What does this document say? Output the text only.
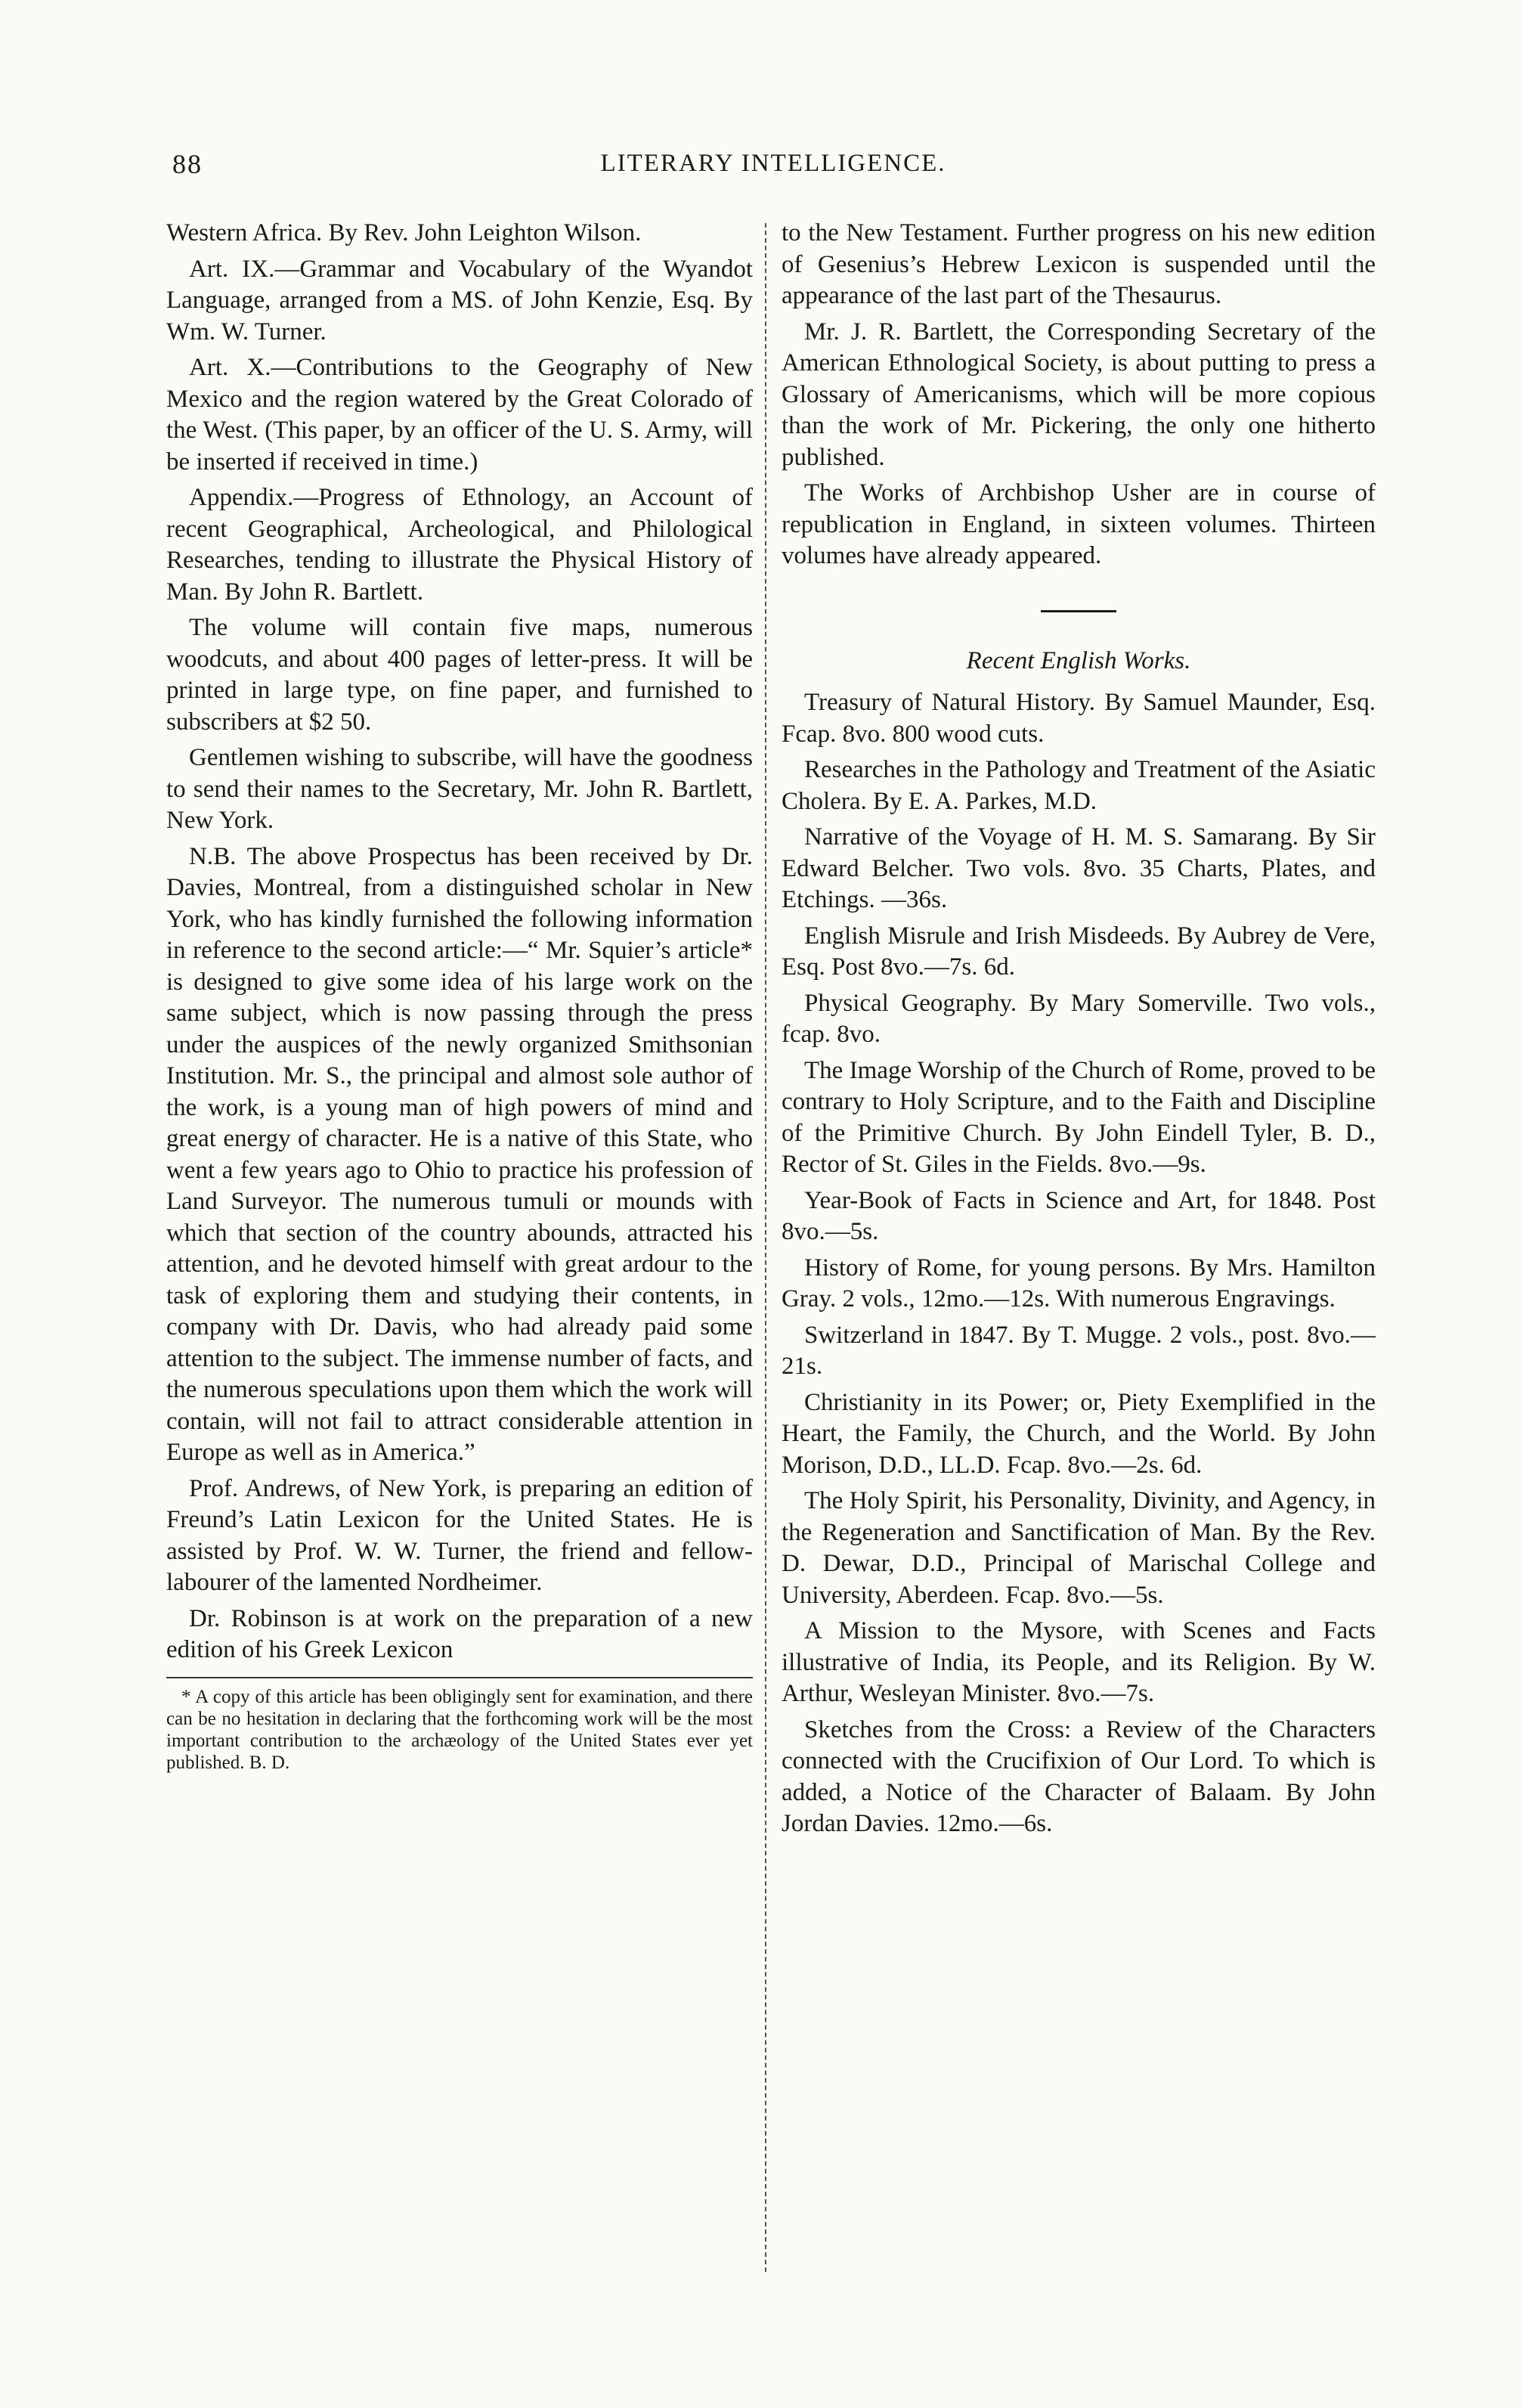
88	LITERARY INTELLIGENCE.

Western Africa. By Rev. John Leighton Wilson.

Art. IX.—Grammar and Vocabulary of the Wyandot Language, arranged from a MS. of John Kenzie, Esq. By Wm. W. Turner.

Art. X.—Contributions to the Geography of New Mexico and the region watered by the Great Colorado of the West. (This paper, by an officer of the U. S. Army, will be inserted if received in time.)

Appendix.—Progress of Ethnology, an Account of recent Geographical, Archeological, and Philological Researches, tending to illustrate the Physical History of Man. By John R. Bartlett.

The volume will contain five maps, numerous woodcuts, and about 400 pages of letter-press. It will be printed in large type, on fine paper, and furnished to subscribers at $2 50.

Gentlemen wishing to subscribe, will have the goodness to send their names to the Secretary, Mr. John R. Bartlett, New York.

N.B. The above Prospectus has been received by Dr. Davies, Montreal, from a distinguished scholar in New York, who has kindly furnished the following information in reference to the second article:—“ Mr. Squier’s article* is designed to give some idea of his large work on the same subject, which is now passing through the press under the auspices of the newly organized Smithsonian Institution. Mr. S., the principal and almost sole author of the work, is a young man of high powers of mind and great energy of character. He is a native of this State, who went a few years ago to Ohio to practice his profession of Land Surveyor. The numerous tumuli or mounds with which that section of the country abounds, attracted his attention, and he devoted himself with great ardour to the task of exploring them and studying their contents, in company with Dr. Davis, who had already paid some attention to the subject. The immense number of facts, and the numerous speculations upon them which the work will contain, will not fail to attract considerable attention in Europe as well as in America.”

Prof. Andrews, of New York, is preparing an edition of Freund’s Latin Lexicon for the United States. He is assisted by Prof. W. W. Turner, the friend and fellow-labourer of the lamented Nordheimer.

Dr. Robinson is at work on the preparation of a new edition of his Greek Lexicon

* A copy of this article has been obligingly sent for examination, and there can be no hesitation in declaring that the forthcoming work will be the most important contribution to the archæology of the United States ever yet published. B. D.

to the New Testament. Further progress on his new edition of Gesenius’s Hebrew Lexicon is suspended until the appearance of the last part of the Thesaurus.

Mr. J. R. Bartlett, the Corresponding Secretary of the American Ethnological Society, is about putting to press a Glossary of Americanisms, which will be more copious than the work of Mr. Pickering, the only one hitherto published.

The Works of Archbishop Usher are in course of republication in England, in sixteen volumes. Thirteen volumes have already appeared.

Recent English Works.

Treasury of Natural History. By Samuel Maunder, Esq. Fcap. 8vo. 800 wood cuts.

Researches in the Pathology and Treatment of the Asiatic Cholera. By E. A. Parkes, M.D.

Narrative of the Voyage of H. M. S. Samarang. By Sir Edward Belcher. Two vols. 8vo. 35 Charts, Plates, and Etchings. —36s.

English Misrule and Irish Misdeeds. By Aubrey de Vere, Esq. Post 8vo.—7s. 6d.

Physical Geography. By Mary Somerville. Two vols., fcap. 8vo.

The Image Worship of the Church of Rome, proved to be contrary to Holy Scripture, and to the Faith and Discipline of the Primitive Church. By John Eindell Tyler, B. D., Rector of St. Giles in the Fields. 8vo.—9s.

Year-Book of Facts in Science and Art, for 1848. Post 8vo.—5s.

History of Rome, for young persons. By Mrs. Hamilton Gray. 2 vols., 12mo.—12s. With numerous Engravings.

Switzerland in 1847. By T. Mugge. 2 vols., post. 8vo.—21s.

Christianity in its Power; or, Piety Exemplified in the Heart, the Family, the Church, and the World. By John Morison, D.D., LL.D. Fcap. 8vo.—2s. 6d.

The Holy Spirit, his Personality, Divinity, and Agency, in the Regeneration and Sanctification of Man. By the Rev. D. Dewar, D.D., Principal of Marischal College and University, Aberdeen. Fcap. 8vo.—5s.

A Mission to the Mysore, with Scenes and Facts illustrative of India, its People, and its Religion. By W. Arthur, Wesleyan Minister. 8vo.—7s.

Sketches from the Cross: a Review of the Characters connected with the Crucifixion of Our Lord. To which is added, a Notice of the Character of Balaam. By John Jordan Davies. 12mo.—6s.
